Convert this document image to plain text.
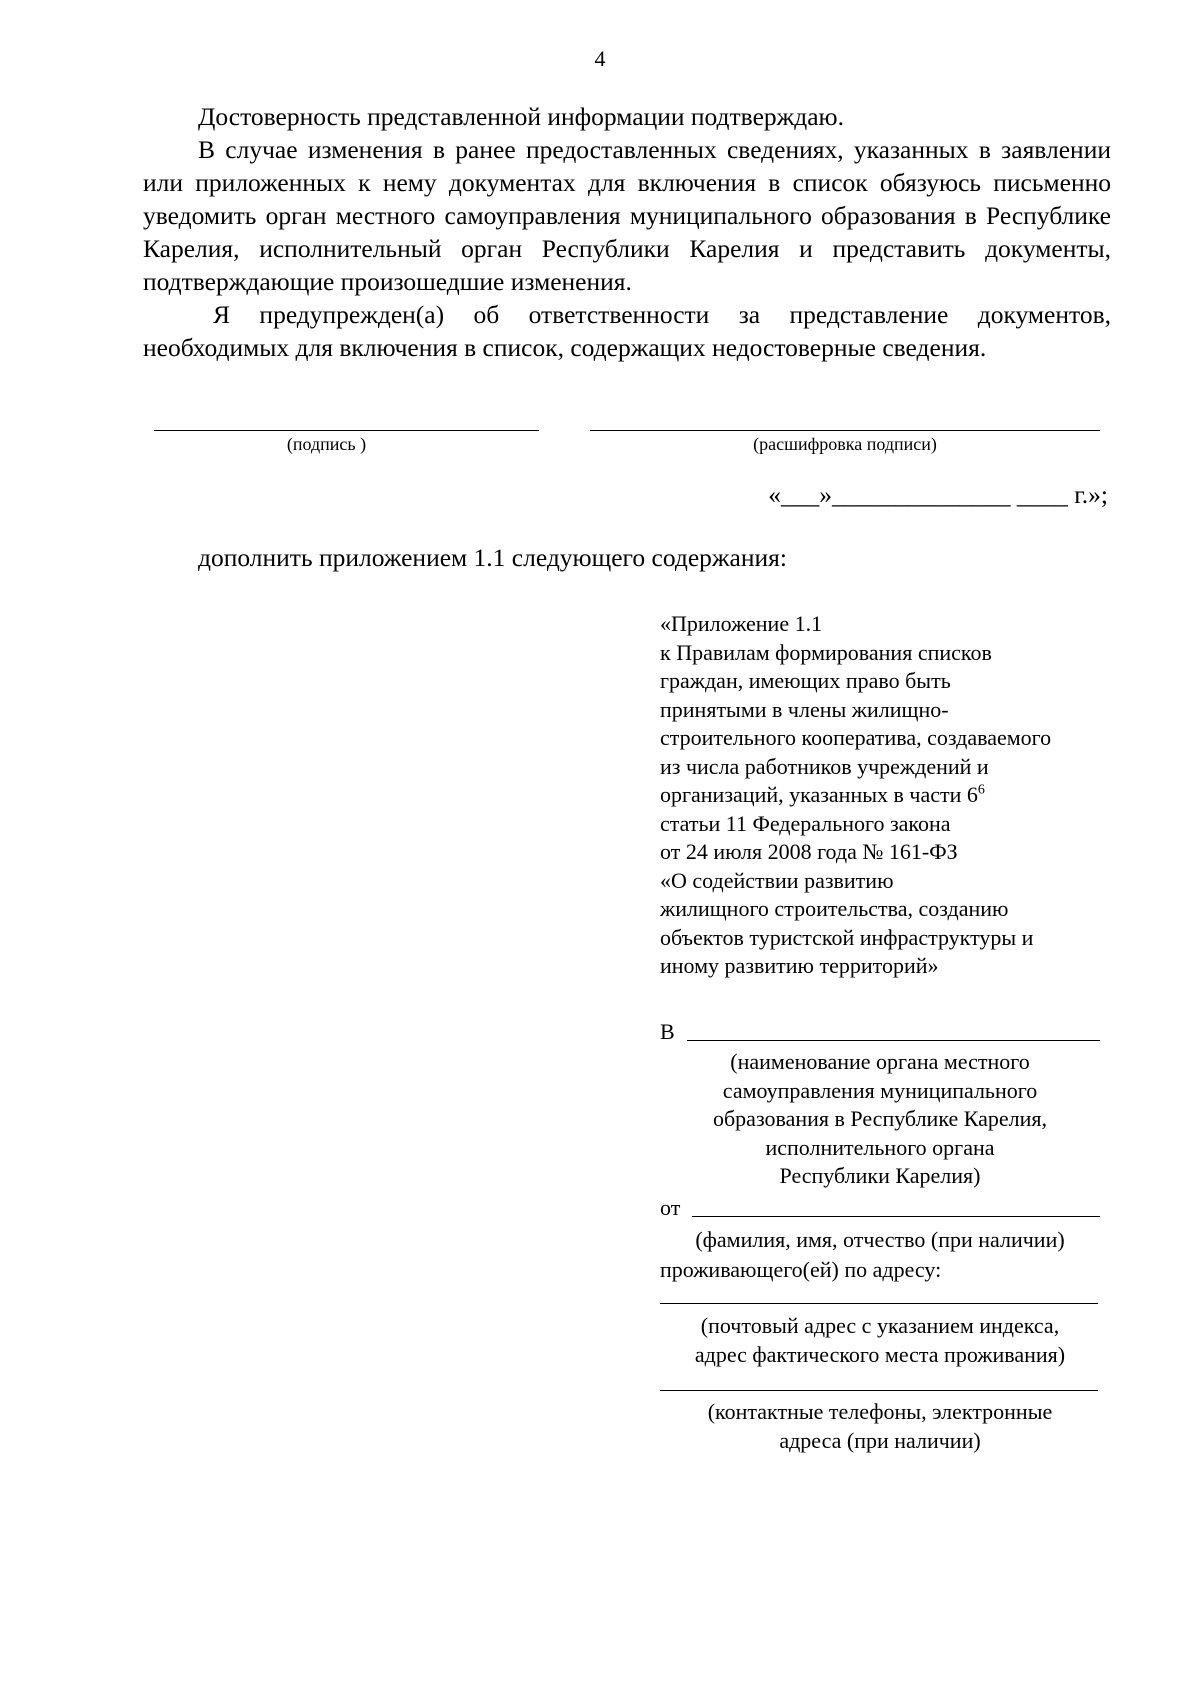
4

Достоверность представленной информации подтверждаю.

В случае изменения в ранее предоставленных сведениях, указанных в заявлении или приложенных к нему документах для включения в список обязуюсь письменно уведомить орган местного самоуправления муниципального образования в Республике Карелия, исполнительный орган Республики Карелия и представить документы, подтверждающие произошедшие изменения.

Я предупрежден(а) об ответственности за представление документов, необходимых для включения в список, содержащих недостоверные сведения.

(подпись )	(расшифровка подписи)
«___»______________ ____ г.»;
дополнить приложением 1.1 следующего содержания:
«Приложение 1.1
к Правилам формирования списков
граждан, имеющих право быть
принятыми в члены жилищно-
строительного кооператива, создаваемого
из числа работников учреждений и
организаций, указанных в части $6^6$
статьи 11 Федерального закона
от 24 июля 2008 года № 161-ФЗ
«О содействии развитию
жилищного строительства, созданию
объектов туристской инфраструктуры и
иному развитию территорий»
В
(наименование органа местного
самоуправления муниципального
образования в Республике Карелия,
исполнительного органа
Республики Карелия)
от
(фамилия, имя, отчество (при наличии)
проживающего(ей) по адресу:
(почтовый адрес с указанием индекса,
адрес фактического места проживания)
(контактные телефоны, электронные
адреса (при наличии)
